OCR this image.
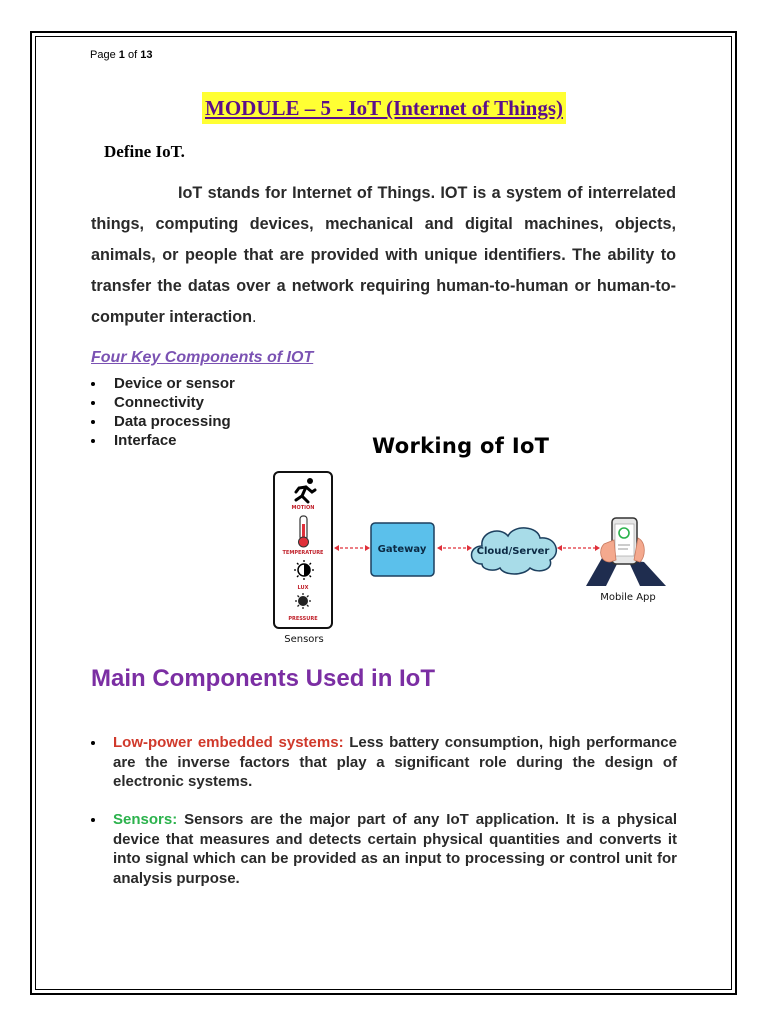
Page 1 of 13
MODULE – 5 - IoT (Internet of Things)
Define IoT.
IoT stands for Internet of Things. IOT is a system of interrelated things, computing devices, mechanical and digital machines, objects, animals, or people that are provided with unique identifiers. The ability to transfer the datas over a network requiring human-to-human or human-to-computer interaction.
Four Key Components of IOT
Device or sensor
Connectivity
Data processing
Interface	Working of IoT
MOTION
TEMPERATURE
LUX
PRESSURE
Sensors
Gateway	Cloud/Server
Mobile App
Main Components Used in IoT

Low-power embedded systems: Less battery consumption, high performance are the inverse factors that play a significant role during the design of electronic systems.

Sensors: Sensors are the major part of any IoT application. It is a physical device that measures and detects certain physical quantities and converts it into signal which can be provided as an input to processing or control unit for analysis purpose.
